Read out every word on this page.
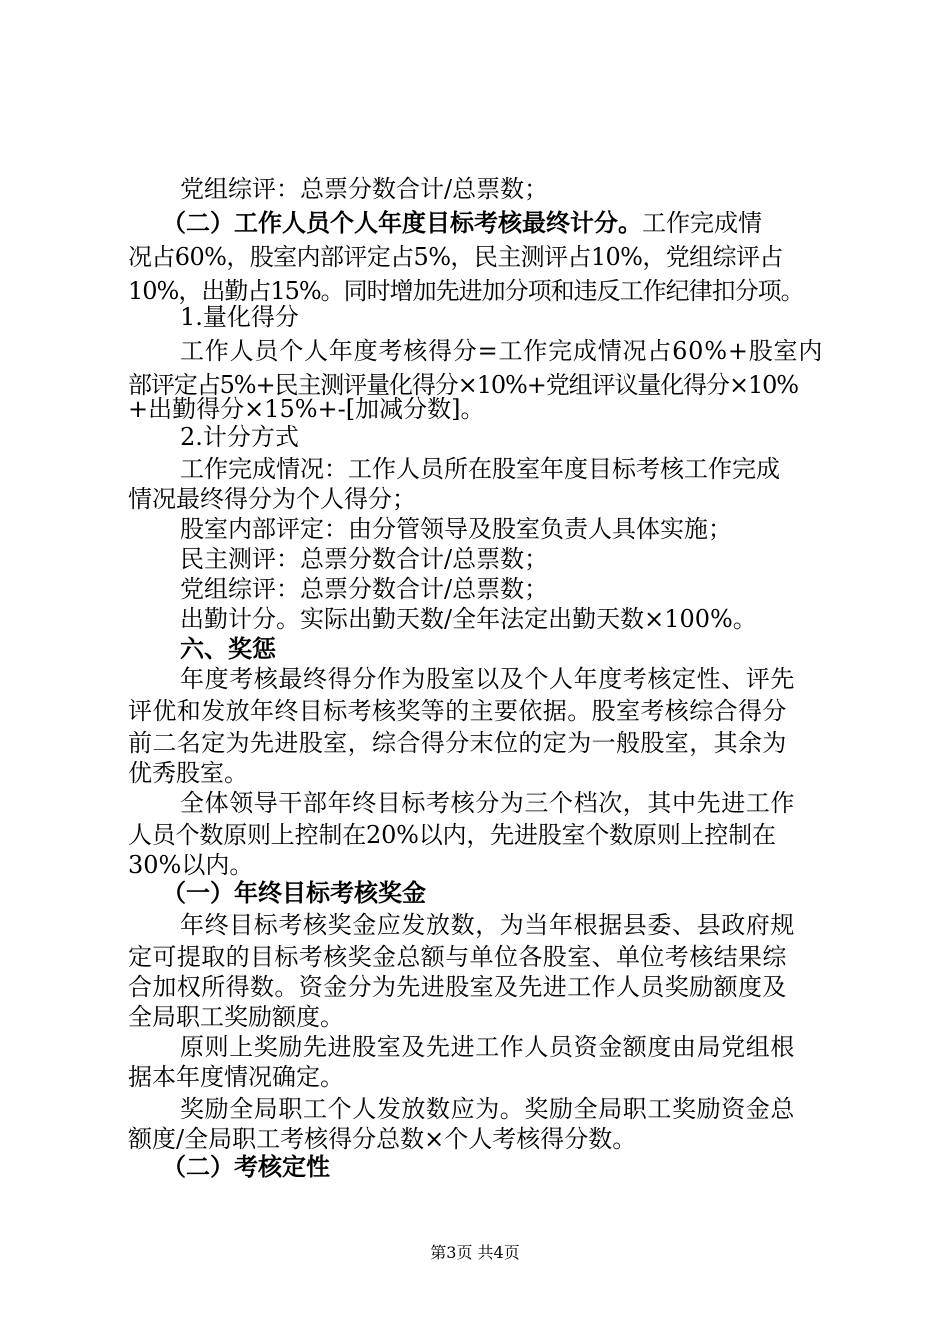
党组综评：总票分数合计/总票数；
（二）工作人员个人年度目标考核最终计分。工作完成情
况占60%，股室内部评定占5%，民主测评占10%，党组综评占
10%，出勤占15%。同时增加先进加分项和违反工作纪律扣分项。
1.量化得分
工作人员个人年度考核得分=工作完成情况占60%+股室内
部评定占5%+民主测评量化得分×10%+党组评议量化得分×10%
+出勤得分×15%+-[加减分数]。
2.计分方式
工作完成情况：工作人员所在股室年度目标考核工作完成
情况最终得分为个人得分；
股室内部评定：由分管领导及股室负责人具体实施；
民主测评：总票分数合计/总票数；
党组综评：总票分数合计/总票数；
出勤计分。实际出勤天数/全年法定出勤天数×100%。
六、奖惩
年度考核最终得分作为股室以及个人年度考核定性、评先
评优和发放年终目标考核奖等的主要依据。股室考核综合得分
前二名定为先进股室，综合得分末位的定为一般股室，其余为
优秀股室。
全体领导干部年终目标考核分为三个档次，其中先进工作
人员个数原则上控制在20%以内，先进股室个数原则上控制在
30%以内。
（一）年终目标考核奖金
年终目标考核奖金应发放数，为当年根据县委、县政府规
定可提取的目标考核奖金总额与单位各股室、单位考核结果综
合加权所得数。资金分为先进股室及先进工作人员奖励额度及
全局职工奖励额度。
原则上奖励先进股室及先进工作人员资金额度由局党组根
据本年度情况确定。
奖励全局职工个人发放数应为。奖励全局职工奖励资金总
额度/全局职工考核得分总数×个人考核得分数。
（二）考核定性
第3页 共4页
